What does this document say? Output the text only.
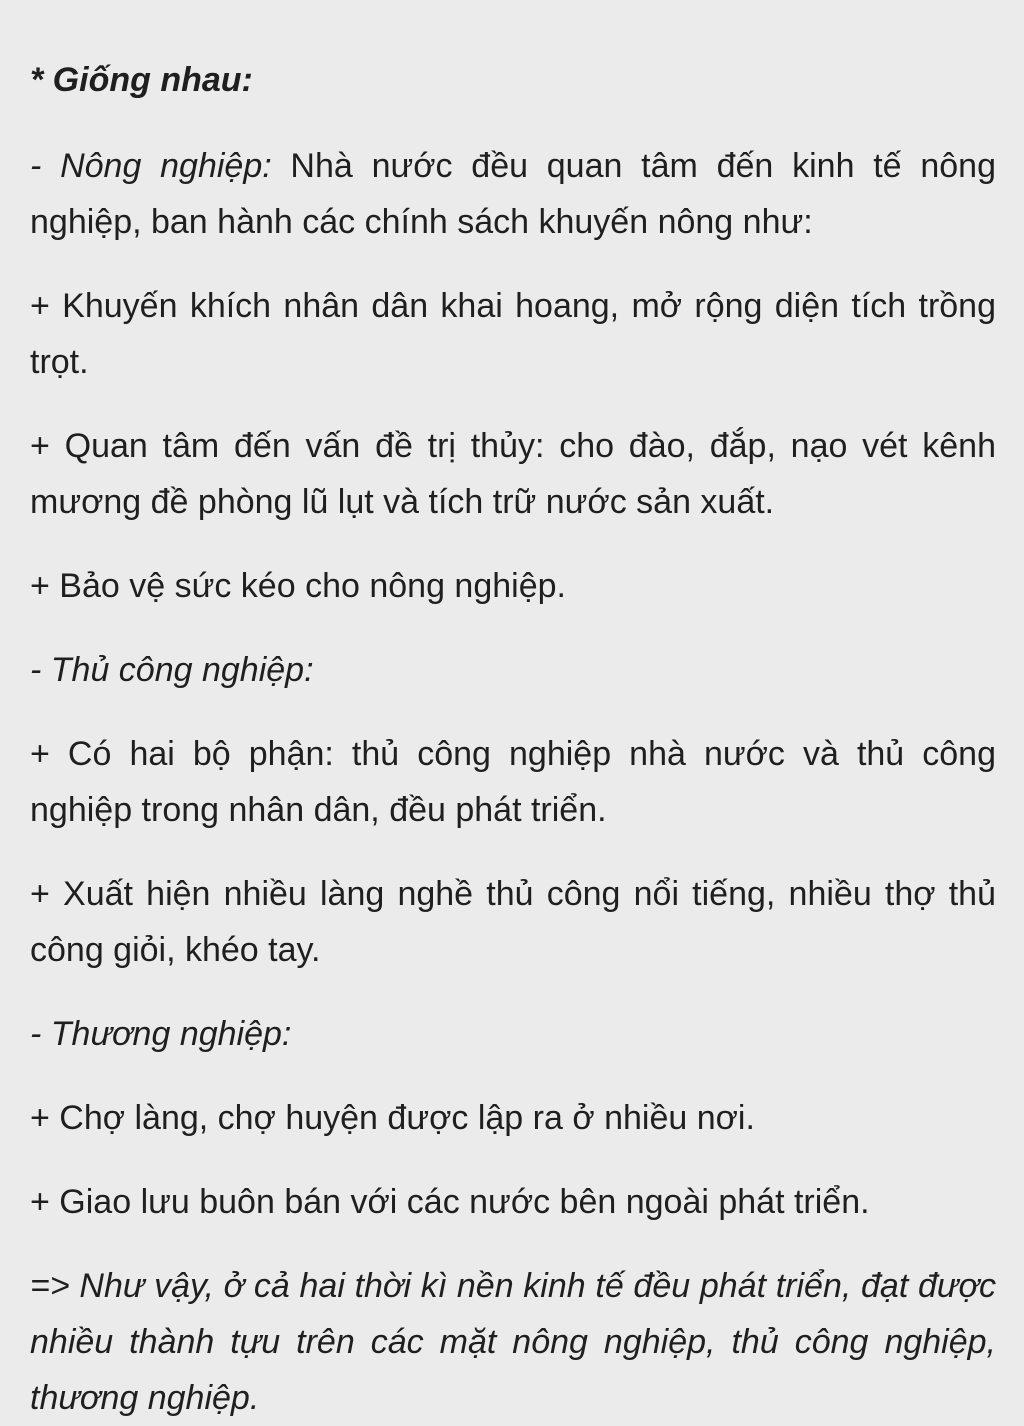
* Giống nhau:

- Nông nghiệp: Nhà nước đều quan tâm đến kinh tế nông nghiệp, ban hành các chính sách khuyến nông như:

+ Khuyến khích nhân dân khai hoang, mở rộng diện tích trồng trọt.

+ Quan tâm đến vấn đề trị thủy: cho đào, đắp, nạo vét kênh mương đề phòng lũ lụt và tích trữ nước sản xuất.

+ Bảo vệ sức kéo cho nông nghiệp.

- Thủ công nghiệp:

+ Có hai bộ phận: thủ công nghiệp nhà nước và thủ công nghiệp trong nhân dân, đều phát triển.

+ Xuất hiện nhiều làng nghề thủ công nổi tiếng, nhiều thợ thủ công giỏi, khéo tay.

- Thương nghiệp:

+ Chợ làng, chợ huyện được lập ra ở nhiều nơi.

+ Giao lưu buôn bán với các nước bên ngoài phát triển.

=> Như vậy, ở cả hai thời kì nền kinh tế đều phát triển, đạt được nhiều thành tựu trên các mặt nông nghiệp, thủ công nghiệp, thương nghiệp.
